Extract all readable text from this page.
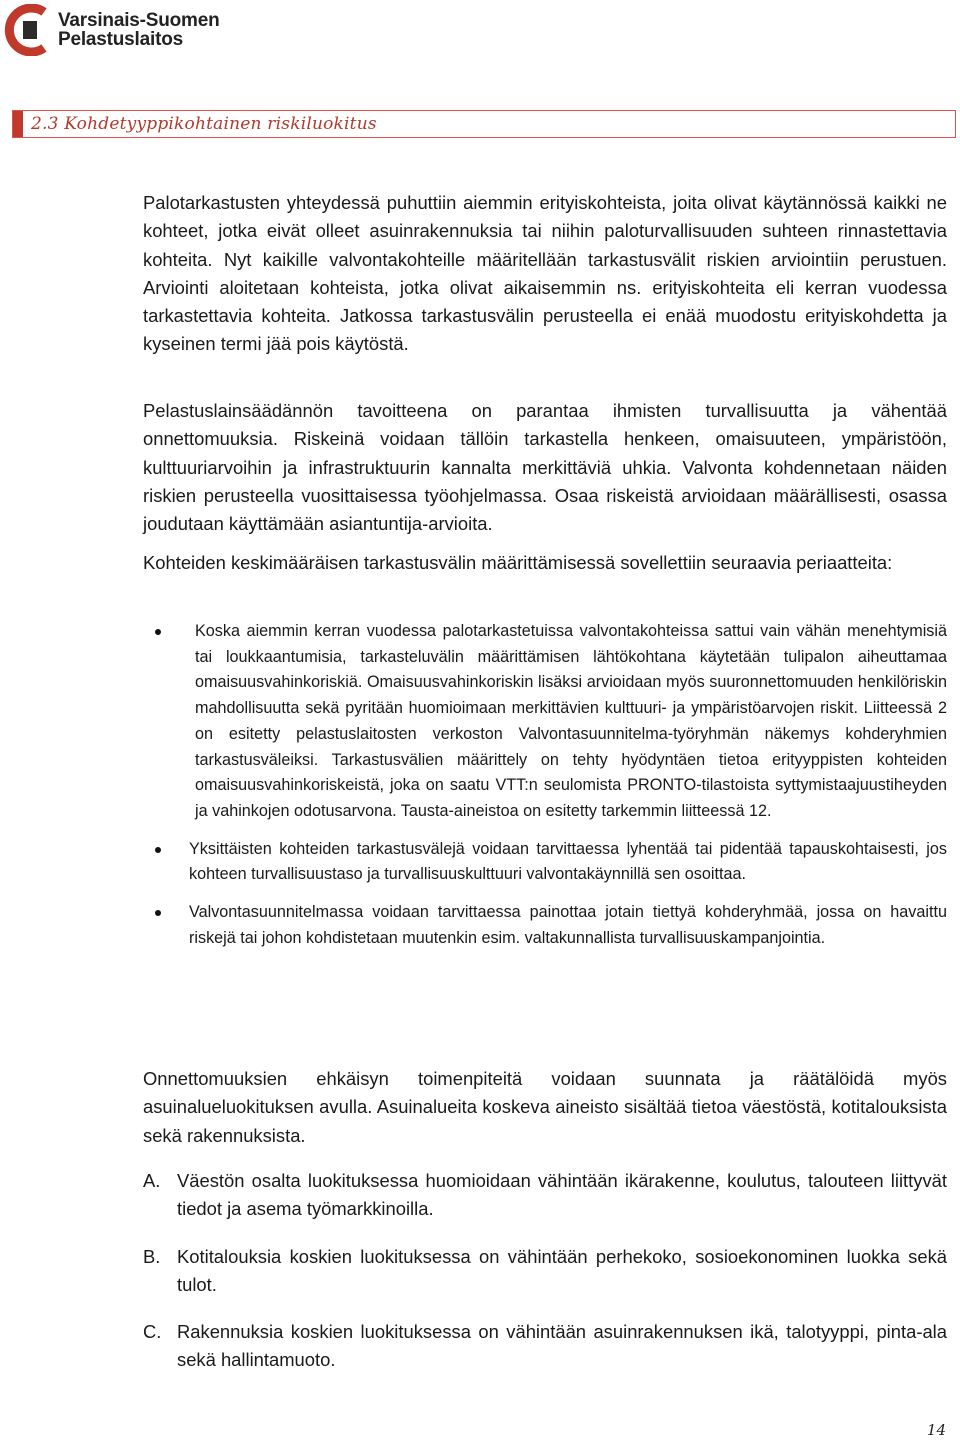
Varsinais-Suomen
Pelastuslaitos
2.3 Kohdetyyppikohtainen riskiluokitus

Palotarkastusten yhteydessä puhuttiin aiemmin erityiskohteista, joita olivat käytännössä kaikki ne kohteet, jotka eivät olleet asuinrakennuksia tai niihin paloturvallisuuden suhteen rinnastettavia kohteita. Nyt kaikille valvontakohteille määritellään tarkastusvälit riskien arviointiin perustuen. Arviointi aloitetaan kohteista, jotka olivat aikaisemmin ns. erityiskohteita eli kerran vuodessa tarkastettavia kohteita. Jatkossa tarkastusvälin perusteella ei enää muodostu erityiskohdetta ja kyseinen termi jää pois käytöstä.

Pelastuslainsäädännön tavoitteena on parantaa ihmisten turvallisuutta ja vähentää onnettomuuksia. Riskeinä voidaan tällöin tarkastella henkeen, omaisuuteen, ympäristöön, kulttuuriarvoihin ja infrastruktuurin kannalta merkittäviä uhkia. Valvonta kohdennetaan näiden riskien perusteella vuosittaisessa työohjelmassa. Osaa riskeistä arvioidaan määrällisesti, osassa joudutaan käyttämään asiantuntija-arvioita.

Kohteiden keskimääräisen tarkastusvälin määrittämisessä sovellettiin seuraavia periaatteita:

Koska aiemmin kerran vuodessa palotarkastetuissa valvontakohteissa sattui vain vähän menehtymisiä tai loukkaantumisia, tarkasteluvälin määrittämisen lähtökohtana käytetään tulipalon aiheuttamaa omaisuusvahinkoriskiä. Omaisuusvahinkoriskin lisäksi arvioidaan myös suuronnettomuuden henkilöriskin mahdollisuutta sekä pyritään huomioimaan merkittävien kulttuuri- ja ympäristöarvojen riskit. Liitteessä 2 on esitetty pelastuslaitosten verkoston Valvontasuunnitelma-työryhmän näkemys kohderyhmien tarkastusväleiksi. Tarkastusvälien määrittely on tehty hyödyntäen tietoa erityyppisten kohteiden omaisuusvahinkoriskeistä, joka on saatu VTT:n seulomista PRONTO-tilastoista syttymistaajuustiheyden ja vahinkojen odotusarvona. Tausta-aineistoa on esitetty tarkemmin liitteessä 12.
Yksittäisten kohteiden tarkastusvälejä voidaan tarvittaessa lyhentää tai pidentää tapauskohtaisesti, jos kohteen turvallisuustaso ja turvallisuuskulttuuri valvontakäynnillä sen osoittaa.
Valvontasuunnitelmassa voidaan tarvittaessa painottaa jotain tiettyä kohderyhmää, jossa on havaittu riskejä tai johon kohdistetaan muutenkin esim. valtakunnallista turvallisuuskampanjointia.

Onnettomuuksien ehkäisyn toimenpiteitä voidaan suunnata ja räätälöidä myös asuinalueluokituksen avulla. Asuinalueita koskeva aineisto sisältää tietoa väestöstä, kotitalouksista sekä rakennuksista.

A. Väestön osalta luokituksessa huomioidaan vähintään ikärakenne, koulutus, talouteen liittyvät tiedot ja asema työmarkkinoilla.
B. Kotitalouksia koskien luokituksessa on vähintään perhekoko, sosioekonominen luokka sekä tulot.
C. Rakennuksia koskien luokituksessa on vähintään asuinrakennuksen ikä, talotyyppi, pinta-ala sekä hallintamuoto.
14
